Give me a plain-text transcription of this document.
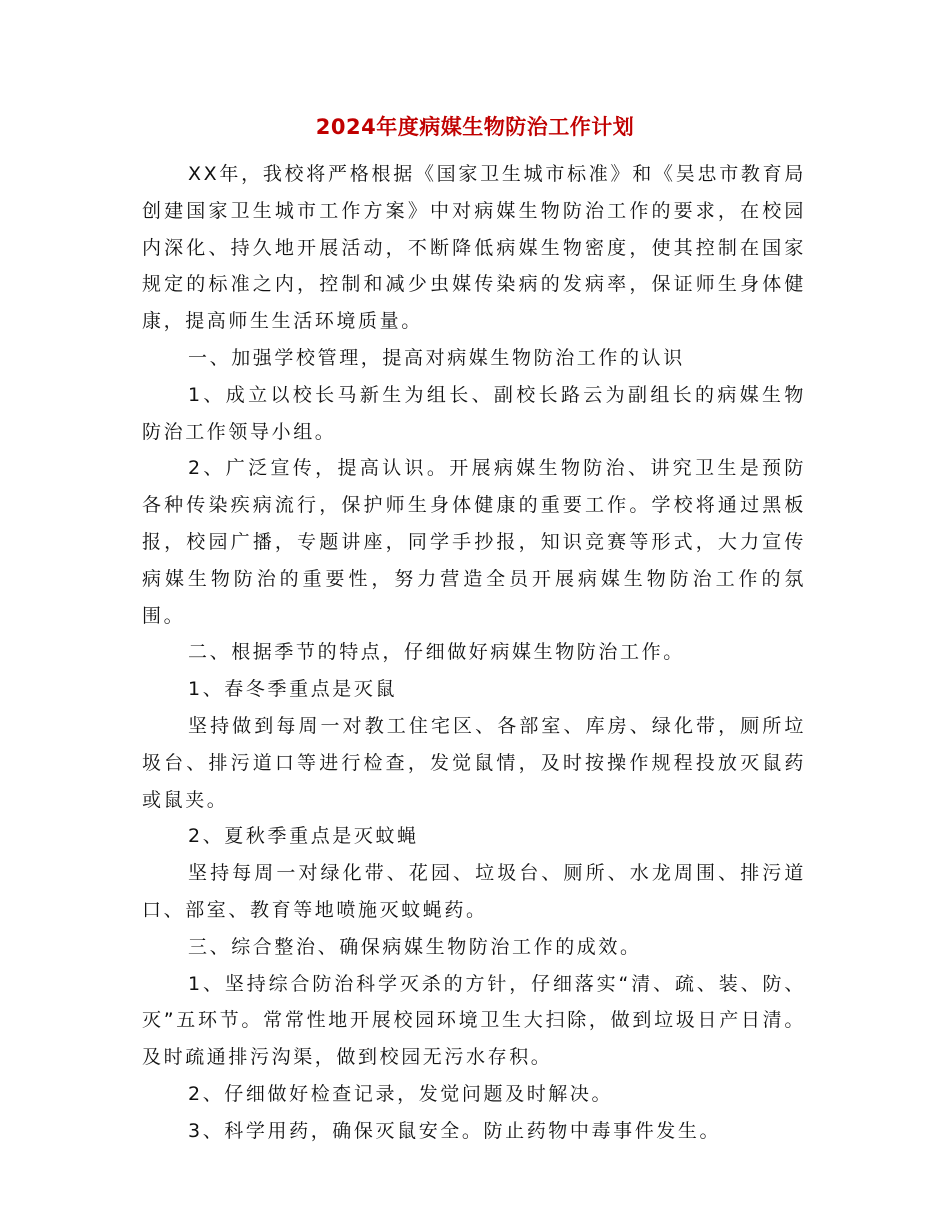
2024年度病媒生物防治工作计划

XX年，我校将严格根据《国家卫生城市标准》和《吴忠市教育局创建国家卫生城市工作方案》中对病媒生物防治工作的要求，在校园内深化、持久地开展活动，不断降低病媒生物密度，使其控制在国家规定的标准之内，控制和减少虫媒传染病的发病率，保证师生身体健康，提高师生生活环境质量。

一、加强学校管理，提高对病媒生物防治工作的认识

1、成立以校长马新生为组长、副校长路云为副组长的病媒生物防治工作领导小组。

2、广泛宣传，提高认识。开展病媒生物防治、讲究卫生是预防各种传染疾病流行，保护师生身体健康的重要工作。学校将通过黑板报，校园广播，专题讲座，同学手抄报，知识竞赛等形式，大力宣传病媒生物防治的重要性，努力营造全员开展病媒生物防治工作的氛围。

二、根据季节的特点，仔细做好病媒生物防治工作。

1、春冬季重点是灭鼠

坚持做到每周一对教工住宅区、各部室、库房、绿化带，厕所垃圾台、排污道口等进行检查，发觉鼠情，及时按操作规程投放灭鼠药或鼠夹。

2、夏秋季重点是灭蚊蝇

坚持每周一对绿化带、花园、垃圾台、厕所、水龙周围、排污道口、部室、教育等地喷施灭蚊蝇药。

三、综合整治、确保病媒生物防治工作的成效。

1、坚持综合防治科学灭杀的方针，仔细落实“清、疏、装、防、灭”五环节。常常性地开展校园环境卫生大扫除，做到垃圾日产日清。及时疏通排污沟渠，做到校园无污水存积。

2、仔细做好检查记录，发觉问题及时解决。

3、科学用药，确保灭鼠安全。防止药物中毒事件发生。
